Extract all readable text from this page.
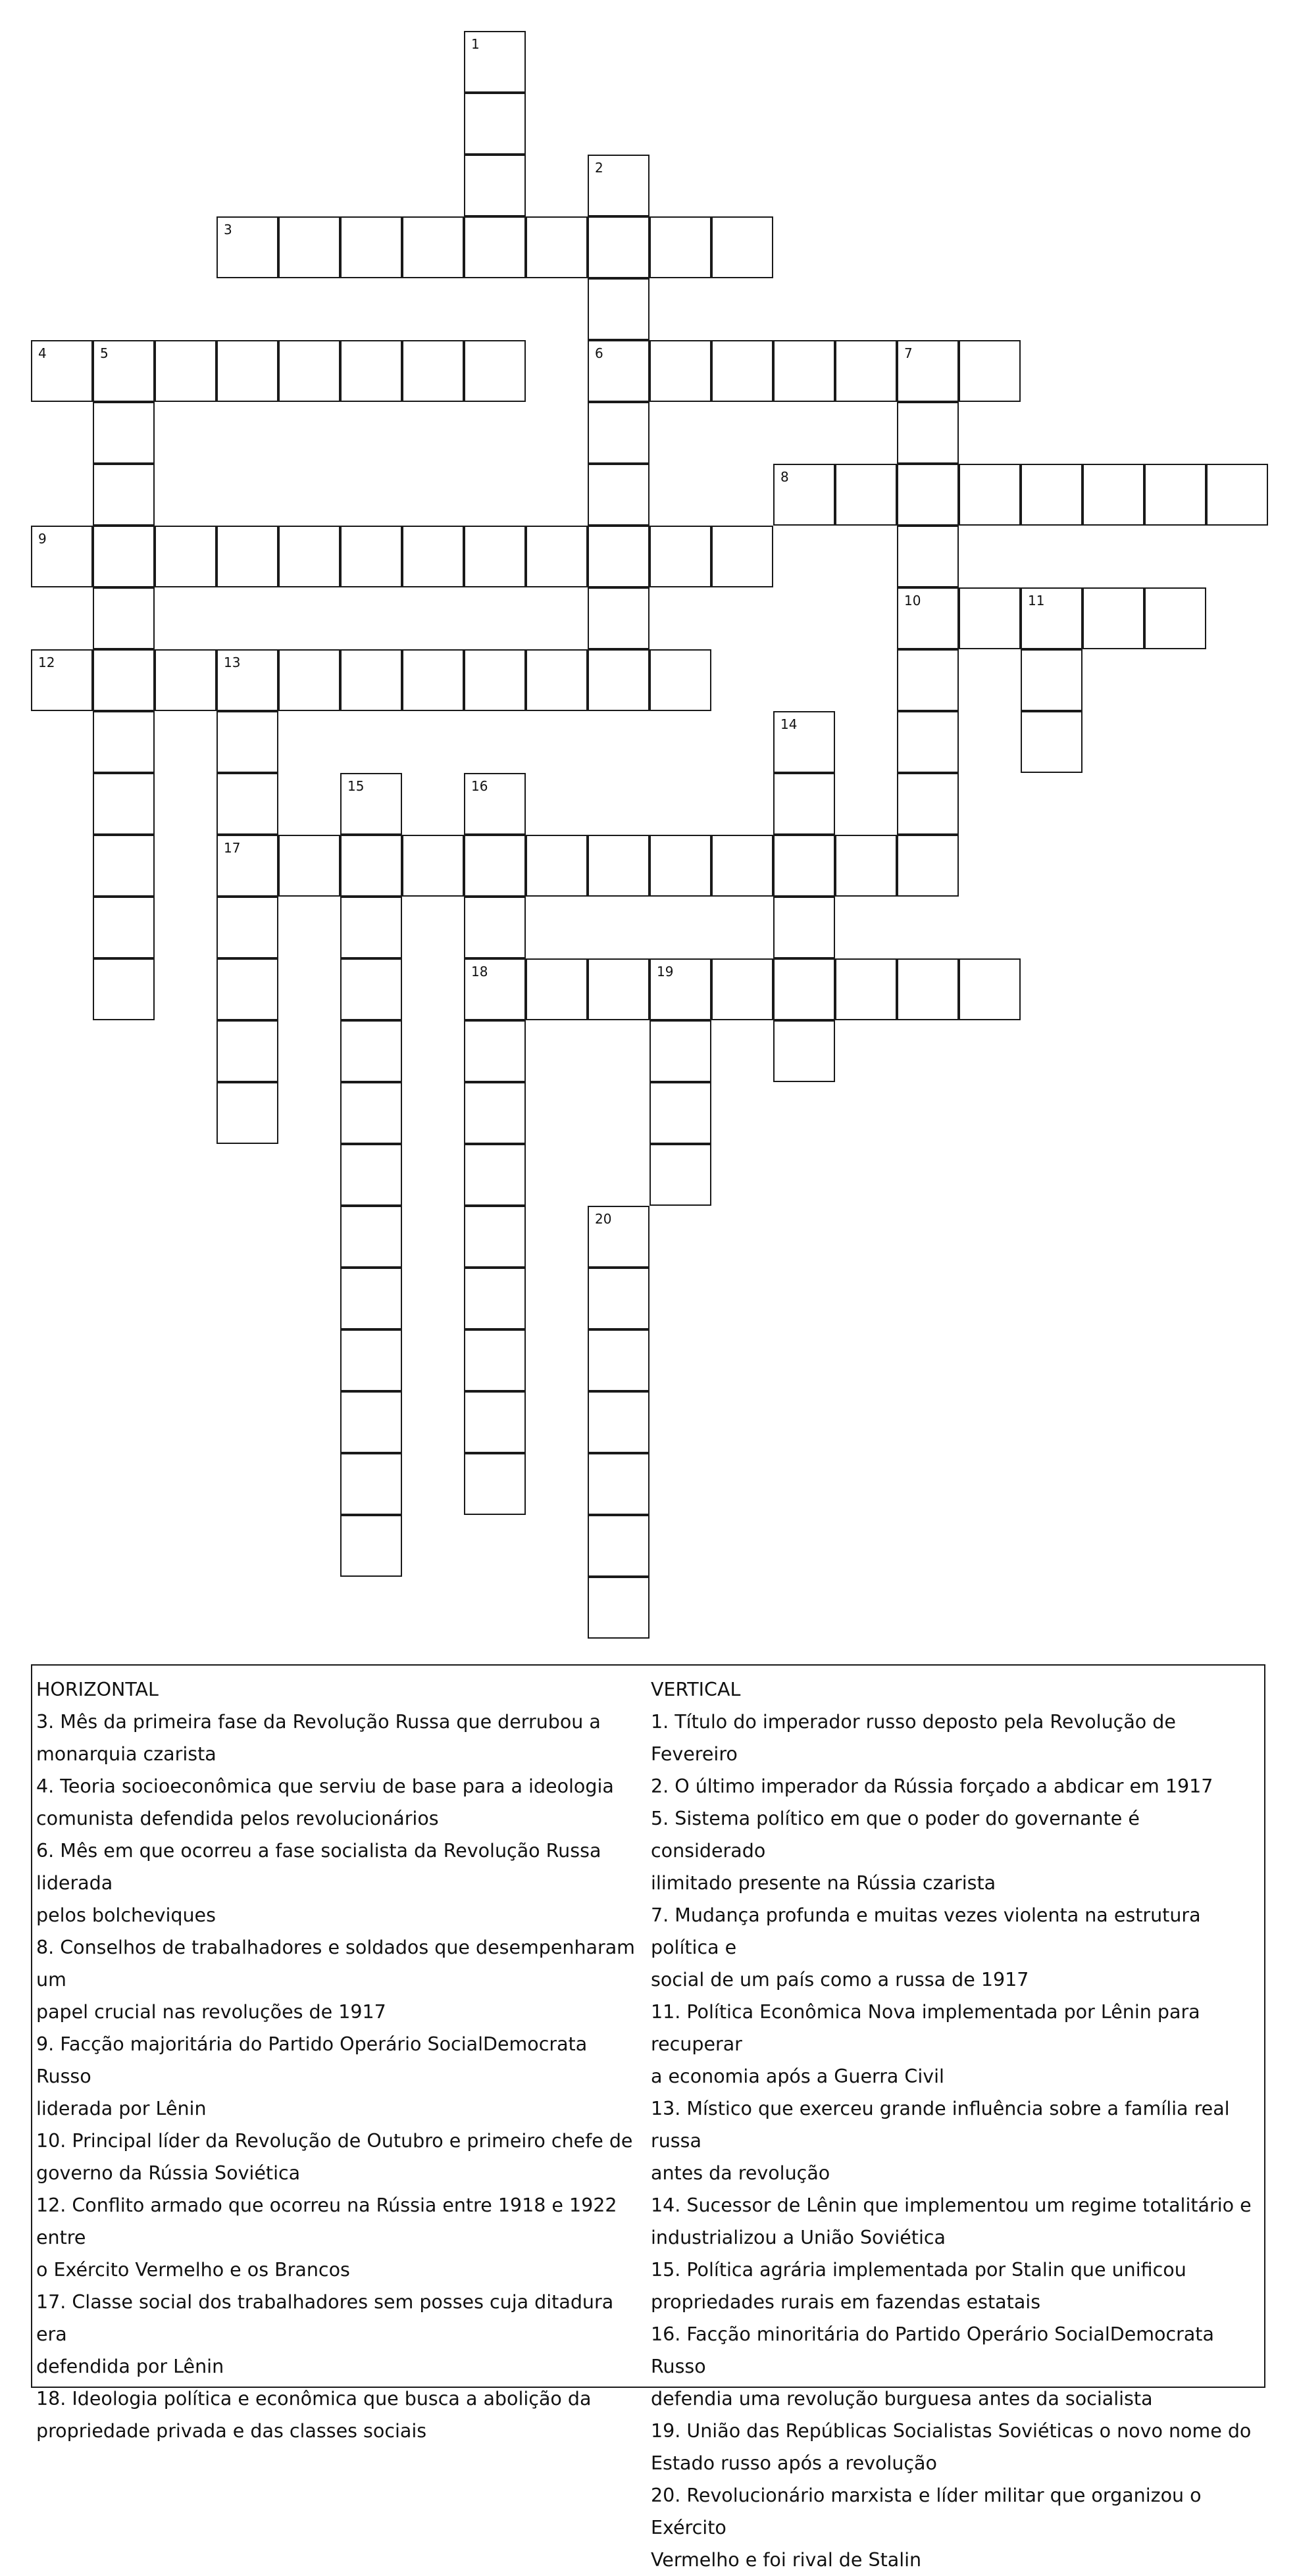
1
2
3
4	5	6	7
8
9
10	11
12	13
14
15	16
17
18	19
20
HORIZONTAL
3. Mês da primeira fase da Revolução Russa que derrubou a
monarquia czarista
4. Teoria socioeconômica que serviu de base para a ideologia
comunista defendida pelos revolucionários
6. Mês em que ocorreu a fase socialista da Revolução Russa liderada
pelos bolcheviques
8. Conselhos de trabalhadores e soldados que desempenharam um
papel crucial nas revoluções de 1917
9. Facção majoritária do Partido Operário SocialDemocrata Russo
liderada por Lênin
10. Principal líder da Revolução de Outubro e primeiro chefe de
governo da Rússia Soviética
12. Conflito armado que ocorreu na Rússia entre 1918 e 1922 entre
o Exército Vermelho e os Brancos
17. Classe social dos trabalhadores sem posses cuja ditadura era
defendida por Lênin
18. Ideologia política e econômica que busca a abolição da
propriedade privada e das classes sociais
VERTICAL
1. Título do imperador russo deposto pela Revolução de Fevereiro
2. O último imperador da Rússia forçado a abdicar em 1917
5. Sistema político em que o poder do governante é considerado
ilimitado presente na Rússia czarista
7. Mudança profunda e muitas vezes violenta na estrutura política e
social de um país como a russa de 1917
11. Política Econômica Nova implementada por Lênin para recuperar
a economia após a Guerra Civil
13. Místico que exerceu grande influência sobre a família real russa
antes da revolução
14. Sucessor de Lênin que implementou um regime totalitário e
industrializou a União Soviética
15. Política agrária implementada por Stalin que unificou
propriedades rurais em fazendas estatais
16. Facção minoritária do Partido Operário SocialDemocrata Russo
defendia uma revolução burguesa antes da socialista
19. União das Repúblicas Socialistas Soviéticas o novo nome do
Estado russo após a revolução
20. Revolucionário marxista e líder militar que organizou o Exército
Vermelho e foi rival de Stalin
